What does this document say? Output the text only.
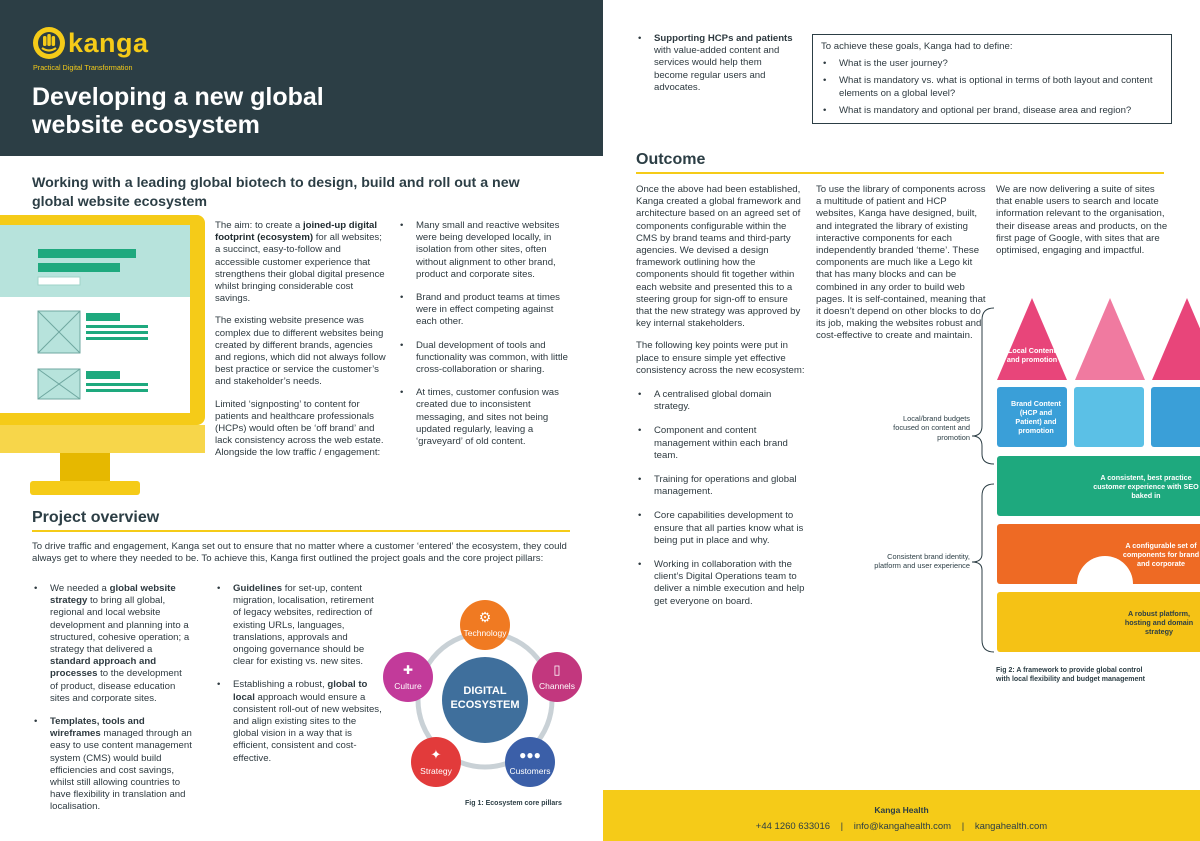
kanga
Practical Digital Transformation
Developing a new global
website ecosystem
Working with a leading global biotech to design, build and roll out a new
global website ecosystem

The aim: to create a joined-up digital footprint (ecosystem) for all websites; a succinct, easy-to-follow and accessible customer experience that strengthens their global digital presence whilst bringing considerable cost savings.

The existing website presence was complex due to different websites being created by different brands, agencies and regions, which did not always follow best practice or service the customer’s and stakeholder’s needs.

Limited ‘signposting’ to content for patients and healthcare professionals (HCPs) would often be ‘off brand’ and lack consistency across the web estate. Alongside the low traffic / engagement:

• Many small and reactive websites were being developed locally, in isolation from other sites, often without alignment to other brand, product and corporate sites.
• Brand and product teams at times were in effect competing against each other.
• Dual development of tools and functionality was common, with little cross-collaboration or sharing.
• At times, customer confusion was created due to inconsistent messaging, and sites not being updated regularly, leaving a ‘graveyard’ of old content.
Project overview

To drive traffic and engagement, Kanga set out to ensure that no matter where a customer ‘entered’ the ecosystem, they could always get to where they needed to be. To achieve this, Kanga first outlined the project goals and the core project pillars:

• We needed a global website strategy to bring all global, regional and local website development and planning into a structured, cohesive operation; a strategy that delivered a standard approach and processes to the development of product, disease education sites and corporate sites.
• Templates, tools and wireframes managed through an easy to use content management system (CMS) would build efficiencies and cost savings, whilst still allowing countries to have flexibility in translation and localisation.
• Guidelines for set-up, content migration, localisation, retirement of legacy websites, redirection of existing URLs, languages, translations, approvals and ongoing governance should be clear for existing vs. new sites.
• Establishing a robust, global to local approach would ensure a consistent roll-out of new websites, and align existing sites to the global vision in a way that is efficient, consistent and cost-effective.
DIGITAL
ECOSYSTEM
⚙
Technology
▯
Channels
●●●
Customers
✦
Strategy
✚
Culture
Fig 1: Ecosystem core pillars
• Supporting HCPs and patients
with value-added content and services would help them become regular users and advocates.
To achieve these goals, Kanga had to define:
• What is the user journey?
• What is mandatory vs. what is optional in terms of both layout and content elements on a global level?
• What is mandatory and optional per brand, disease area and region?
Outcome

Once the above had been established, Kanga created a global framework and architecture based on an agreed set of components configurable within the CMS by brand teams and third-party agencies. We devised a design framework outlining how the components should fit together within each website and presented this to a steering group for sign-off to ensure that the new strategy was approved by key internal stakeholders.

The following key points were put in place to ensure simple yet effective consistency across the new ecosystem:

• A centralised global domain strategy.
• Component and content management within each brand team.
• Training for operations and global management.
• Core capabilities development to ensure that all parties know what is being put in place and why.
• Working in collaboration with the client’s Digital Operations team to deliver a nimble execution and help get everyone on board.

To use the library of components across a multitude of patient and HCP websites, Kanga have designed, built, and integrated the library of existing interactive components for each independently branded ‘theme’. These components are much like a Lego kit that has many blocks and can be combined in any order to build web pages. It is self-contained, meaning that it doesn’t depend on other blocks to do its job, making the websites robust and cost-effective to create and maintain.

We are now delivering a suite of sites that enable users to search and locate information relevant to the organisation, their disease areas and products, on the first page of Google, with sites that are optimised, engaging and impactful.

Local/brand budgets focused on content and promotion
Consistent brand identity, platform and user experience
Local Content and promotion
Brand Content (HCP and Patient) and promotion
A consistent, best practice customer experience with SEO baked in
A configurable set of components for brand and corporate
A robust platform, hosting and domain strategy
Fig 2: A framework to provide global control
with local flexibility and budget management
Kanga Health
+44 1260 633016 | info@kangahealth.com | kangahealth.com
